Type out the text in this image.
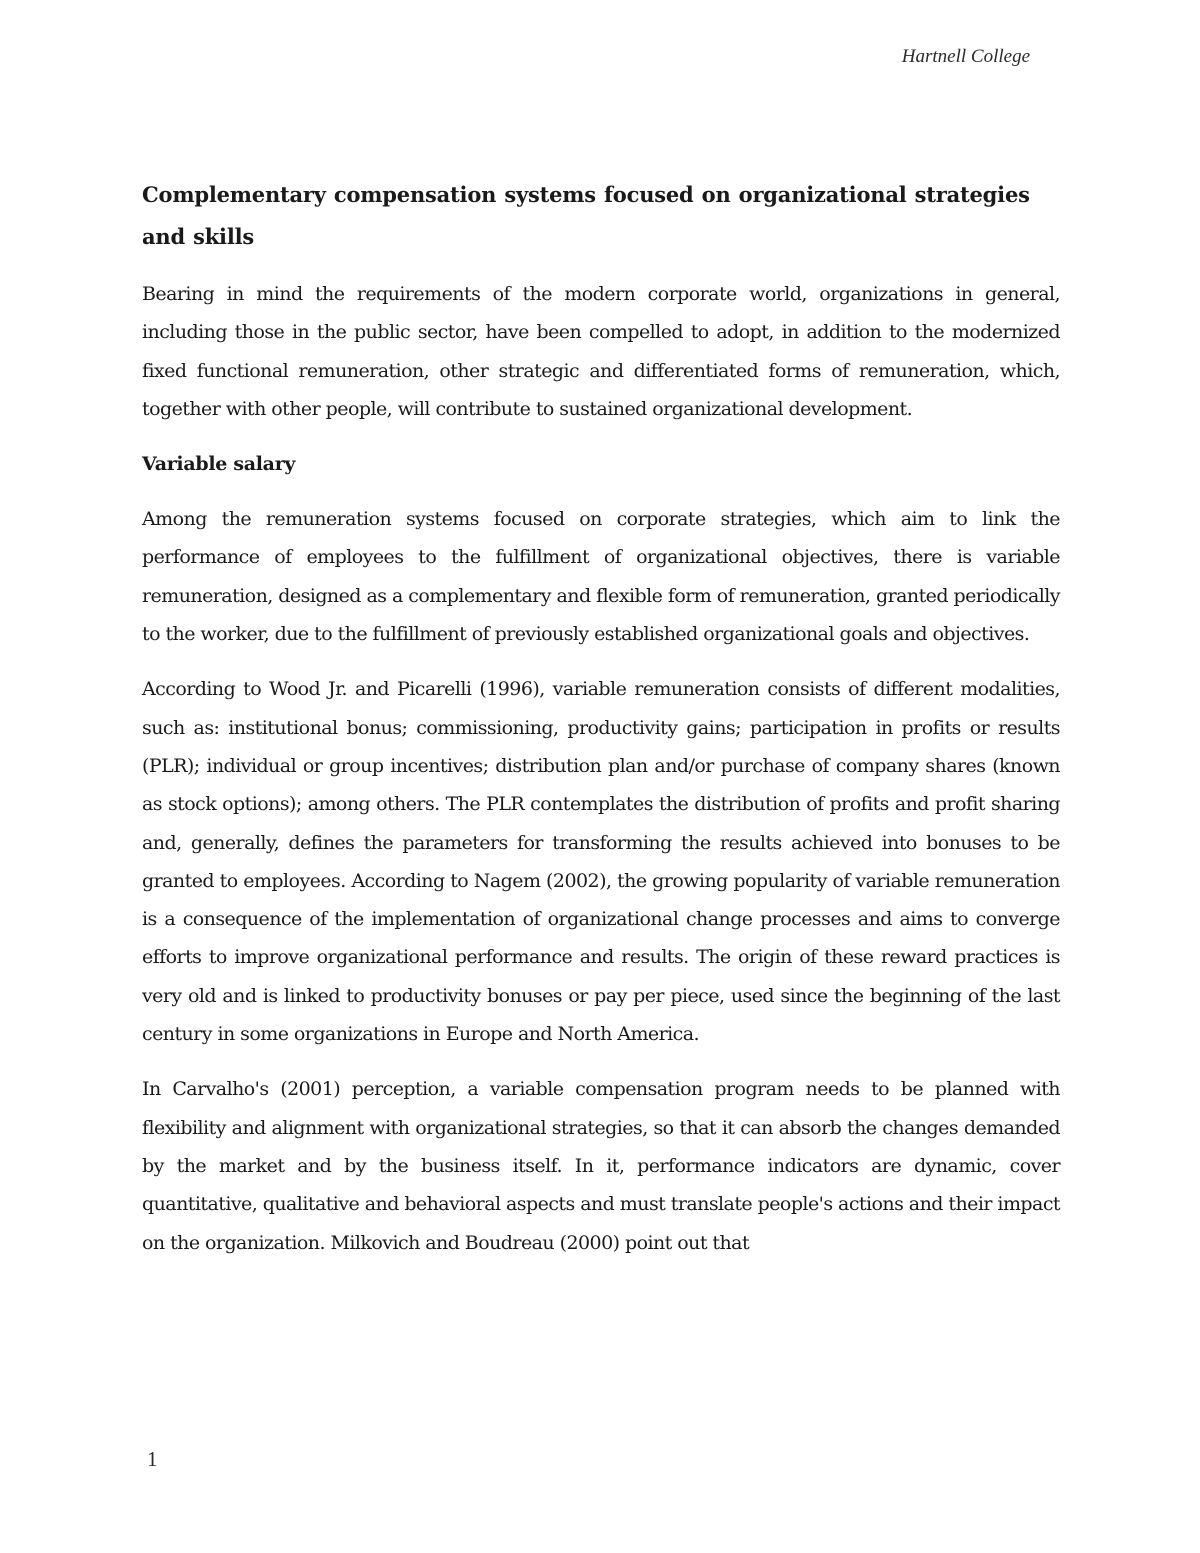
Hartnell College
Complementary compensation systems focused on organizational strategies and skills

Bearing in mind the requirements of the modern corporate world, organizations in general, including those in the public sector, have been compelled to adopt, in addition to the modernized fixed functional remuneration, other strategic and differentiated forms of remuneration, which, together with other people, will contribute to sustained organizational development.

Variable salary

Among the remuneration systems focused on corporate strategies, which aim to link the performance of employees to the fulfillment of organizational objectives, there is variable remuneration, designed as a complementary and flexible form of remuneration, granted periodically to the worker, due to the fulfillment of previously established organizational goals and objectives.

According to Wood Jr. and Picarelli (1996), variable remuneration consists of different modalities, such as: institutional bonus; commissioning, productivity gains; participation in profits or results (PLR); individual or group incentives; distribution plan and/or purchase of company shares (known as stock options); among others. The PLR contemplates the distribution of profits and profit sharing and, generally, defines the parameters for transforming the results achieved into bonuses to be granted to employees. According to Nagem (2002), the growing popularity of variable remuneration is a consequence of the implementation of organizational change processes and aims to converge efforts to improve organizational performance and results. The origin of these reward practices is very old and is linked to productivity bonuses or pay per piece, used since the beginning of the last century in some organizations in Europe and North America.

In Carvalho's (2001) perception, a variable compensation program needs to be planned with flexibility and alignment with organizational strategies, so that it can absorb the changes demanded by the market and by the business itself. In it, performance indicators are dynamic, cover quantitative, qualitative and behavioral aspects and must translate people's actions and their impact on the organization. Milkovich and Boudreau (2000) point out that

1
